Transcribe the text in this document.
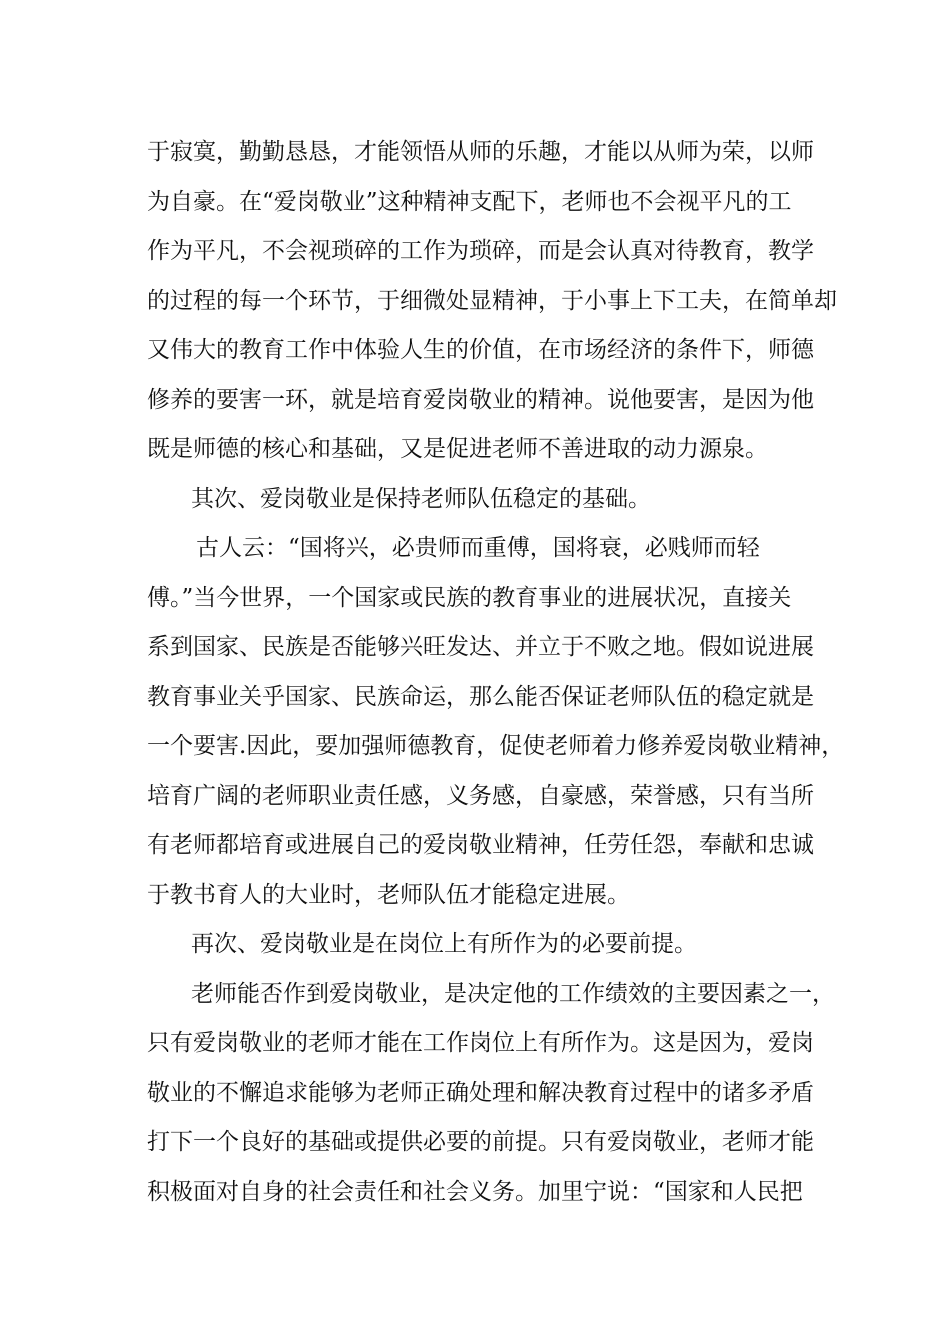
于寂寞，勤勤恳恳，才能领悟从师的乐趣，才能以从师为荣，以师
为自豪。在“爱岗敬业”这种精神支配下，老师也不会视平凡的工
作为平凡，不会视琐碎的工作为琐碎，而是会认真对待教育，教学
的过程的每一个环节，于细微处显精神，于小事上下工夫，在简单却
又伟大的教育工作中体验人生的价值，在市场经济的条件下，师德
修养的要害一环，就是培育爱岗敬业的精神。说他要害，是因为他
既是师德的核心和基础，又是促进老师不善进取的动力源泉。
其次、爱岗敬业是保持老师队伍稳定的基础。
古人云：“国将兴，必贵师而重傅，国将衰，必贱师而轻
傅。”当今世界，一个国家或民族的教育事业的进展状况，直接关
系到国家、民族是否能够兴旺发达、并立于不败之地。假如说进展
教育事业关乎国家、民族命运，那么能否保证老师队伍的稳定就是
一个要害.因此，要加强师德教育，促使老师着力修养爱岗敬业精神，
培育广阔的老师职业责任感，义务感，自豪感，荣誉感，只有当所
有老师都培育或进展自己的爱岗敬业精神，任劳任怨，奉献和忠诚
于教书育人的大业时，老师队伍才能稳定进展。
再次、爱岗敬业是在岗位上有所作为的必要前提。
老师能否作到爱岗敬业，是决定他的工作绩效的主要因素之一，
只有爱岗敬业的老师才能在工作岗位上有所作为。这是因为，爱岗
敬业的不懈追求能够为老师正确处理和解决教育过程中的诸多矛盾
打下一个良好的基础或提供必要的前提。只有爱岗敬业，老师才能
积极面对自身的社会责任和社会义务。加里宁说：“国家和人民把
